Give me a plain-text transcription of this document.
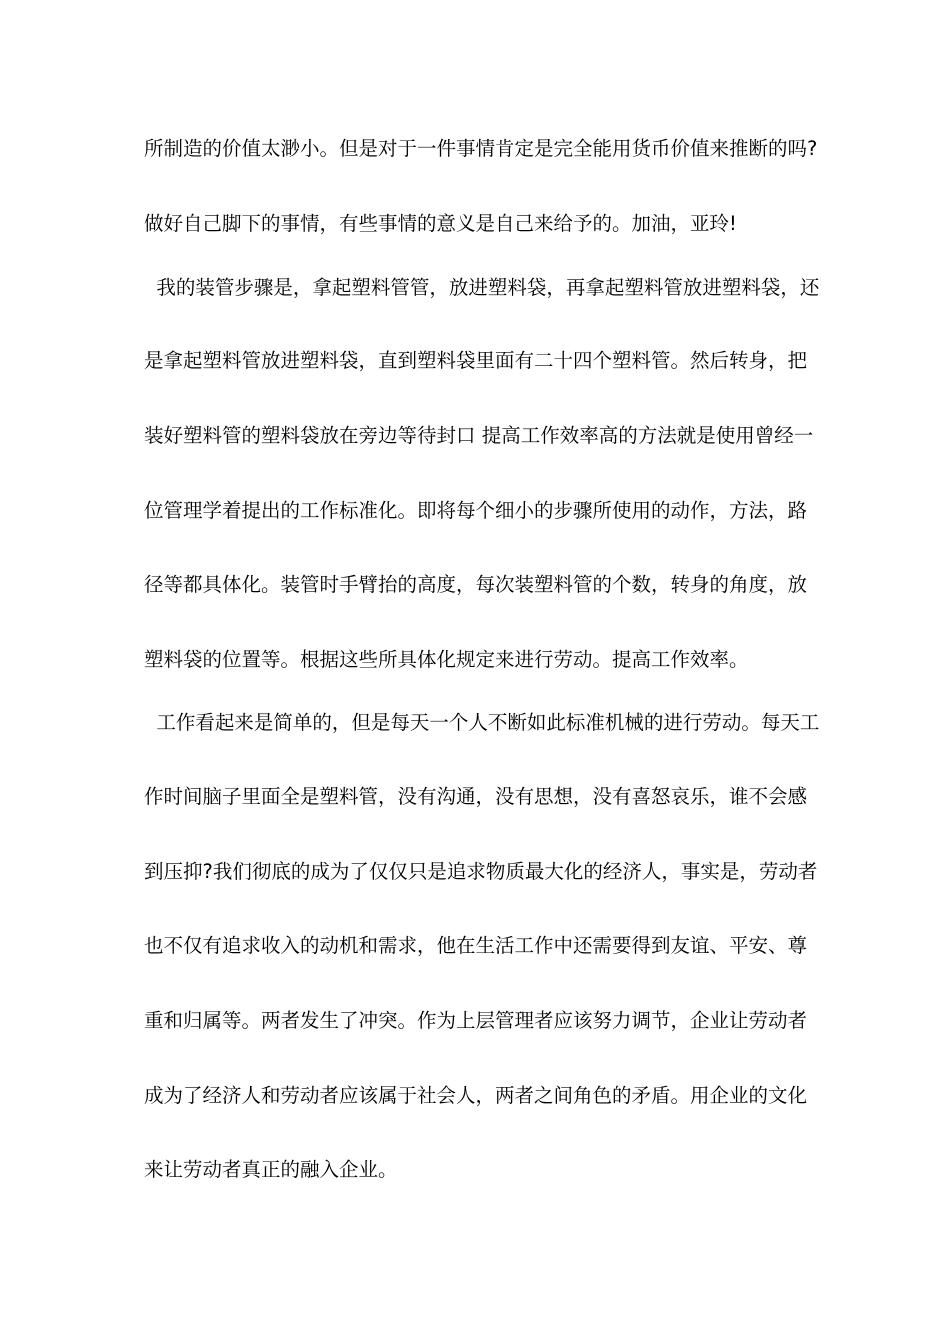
所制造的价值太渺小。但是对于一件事情肯定是完全能用货币价值来推断的吗?
做好自己脚下的事情，有些事情的意义是自己来给予的。加油，亚玲!
我的装管步骤是，拿起塑料管管，放进塑料袋，再拿起塑料管放进塑料袋，还
是拿起塑料管放进塑料袋，直到塑料袋里面有二十四个塑料管。然后转身，把
装好塑料管的塑料袋放在旁边等待封口 提高工作效率高的方法就是使用曾经一
位管理学着提出的工作标准化。即将每个细小的步骤所使用的动作，方法，路
径等都具体化。装管时手臂抬的高度，每次装塑料管的个数，转身的角度，放
塑料袋的位置等。根据这些所具体化规定来进行劳动。提高工作效率。
工作看起来是简单的，但是每天一个人不断如此标准机械的进行劳动。每天工
作时间脑子里面全是塑料管，没有沟通，没有思想，没有喜怒哀乐，谁不会感
到压抑?我们彻底的成为了仅仅只是追求物质最大化的经济人，事实是，劳动者
也不仅有追求收入的动机和需求，他在生活工作中还需要得到友谊、平安、尊
重和归属等。两者发生了冲突。作为上层管理者应该努力调节，企业让劳动者
成为了经济人和劳动者应该属于社会人，两者之间角色的矛盾。用企业的文化
来让劳动者真正的融入企业。
